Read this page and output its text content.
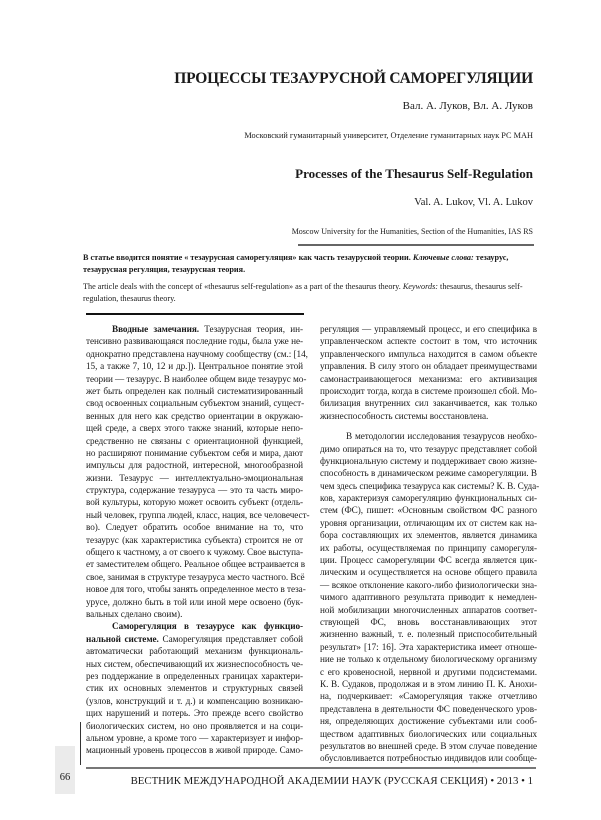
ПРОЦЕССЫ ТЕЗАУРУСНОЙ САМОРЕГУЛЯЦИИ
Вал. А. Луков, Вл. А. Луков
Московский гуманитарный университет, Отделение гуманитарных наук РС МАН
Processes of the Thesaurus Self-Regulation
Val. A. Lukov, Vl. A. Lukov
Moscow University for the Humanities, Section of the Humanities, IAS RS
В статье вводится понятие « тезаурусная саморегуляция» как часть тезаурусной теории. Ключевые слова: тезаурус, тезаурусная регуляция, тезаурусная теория.
The article deals with the concept of «thesaurus self-regulation» as a part of the thesaurus theory. Keywords: thesaurus, thesaurus self-regulation, thesaurus theory.
Вводные замечания. Тезаурусная теория, ин-
тенсивно развивающаяся последние годы, была уже не-
однократно представлена научному сообществу (см.: [14,
15, а также 7, 10, 12 и др.]). Центральное понятие этой
теории — тезаурус. В наиболее общем виде тезаурус мо-
жет быть определен как полный систематизированный
свод освоенных социальным субъектом знаний, сущест-
венных для него как средство ориентации в окружаю-
щей среде, а сверх этого также знаний, которые непо-
средственно не связаны с ориентационной функцией,
но расширяют понимание субъектом себя и мира, дают
импульсы для радостной, интересной, многообразной
жизни. Тезаурус — интеллектуально-эмоциональная
структура, содержание тезауруса — это та часть миро-
вой культуры, которую может освоить субъект (отдель-
ный человек, группа людей, класс, нация, все человечест-
во). Следует обратить особое внимание на то, что
тезаурус (как характеристика субъекта) строится не от
общего к частному, а от своего к чужому. Свое выступа-
ет заместителем общего. Реальное общее встраивается в
свое, занимая в структуре тезауруса место частного. Всё
новое для того, чтобы занять определенное место в теза-
урусе, должно быть в той или иной мере освоено (бук-
вальных сделано своим).
Саморегуляция в тезаурусе как функцио-
нальной системе. Саморегуляция представляет собой
автоматически работающий механизм функциональ-
ных систем, обеспечивающий их жизнеспособность че-
рез поддержание в определенных границах характери-
стик их основных элементов и структурных связей
(узлов, конструкций и т. д.) и компенсацию возникаю-
щих нарушений и потерь. Это прежде всего свойство
биологических систем, но оно проявляется и на соци-
альном уровне, а кроме того — характеризует и инфор-
мационный уровень процессов в живой природе. Само-
регуляция — управляемый процесс, и его специфика в
управленческом аспекте состоит в том, что источник
управленческого импульса находится в самом объекте
управления. В силу этого он обладает преимуществами
самонастраивающегося механизма: его активизация
происходит тогда, когда в системе произошел сбой. Мо-
билизация внутренних сил заканчивается, как только
жизнеспособность системы восстановлена.
В методологии исследования тезаурусов необхо-
димо опираться на то, что тезаурус представляет собой
функциональную систему и поддерживает свою жизне-
способность в динамическом режиме саморегуляции. В
чем здесь специфика тезауруса как системы? К. В. Суда-
ков, характеризуя саморегуляцию функциональных си-
стем (ФС), пишет: «Основным свойством ФС разного
уровня организации, отличающим их от систем как на-
бора составляющих их элементов, является динамика
их работы, осуществляемая по принципу саморегуля-
ции. Процесс саморегуляции ФС всегда является цик-
лическим и осуществляется на основе общего правила
— всякое отклонение какого-либо физиологически зна-
чимого адаптивного результата приводит к немедлен-
ной мобилизации многочисленных аппаратов соответ-
ствующей ФС, вновь восстанавливающих этот
жизненно важный, т. е. полезный приспособительный
результат» [17: 16]. Эта характеристика имеет отноше-
ние не только к отдельному биологическому организму
с его кровеносной, нервной и другими подсистемами.
К. В. Судаков, продолжая и в этом линию П. К. Анохи-
на, подчеркивает: «Саморегуляция также отчетливо
представлена в деятельности ФС поведенческого уров-
ня, определяющих достижение субъектами или сооб-
ществом адаптивных биологических или социальных
результатов во внешней среде. В этом случае поведение
обусловливается потребностью индивидов или сообще-
66	ВЕСТНИК МЕЖДУНАРОДНОЙ АКАДЕМИИ НАУК (РУССКАЯ СЕКЦИЯ) • 2013 • 1
